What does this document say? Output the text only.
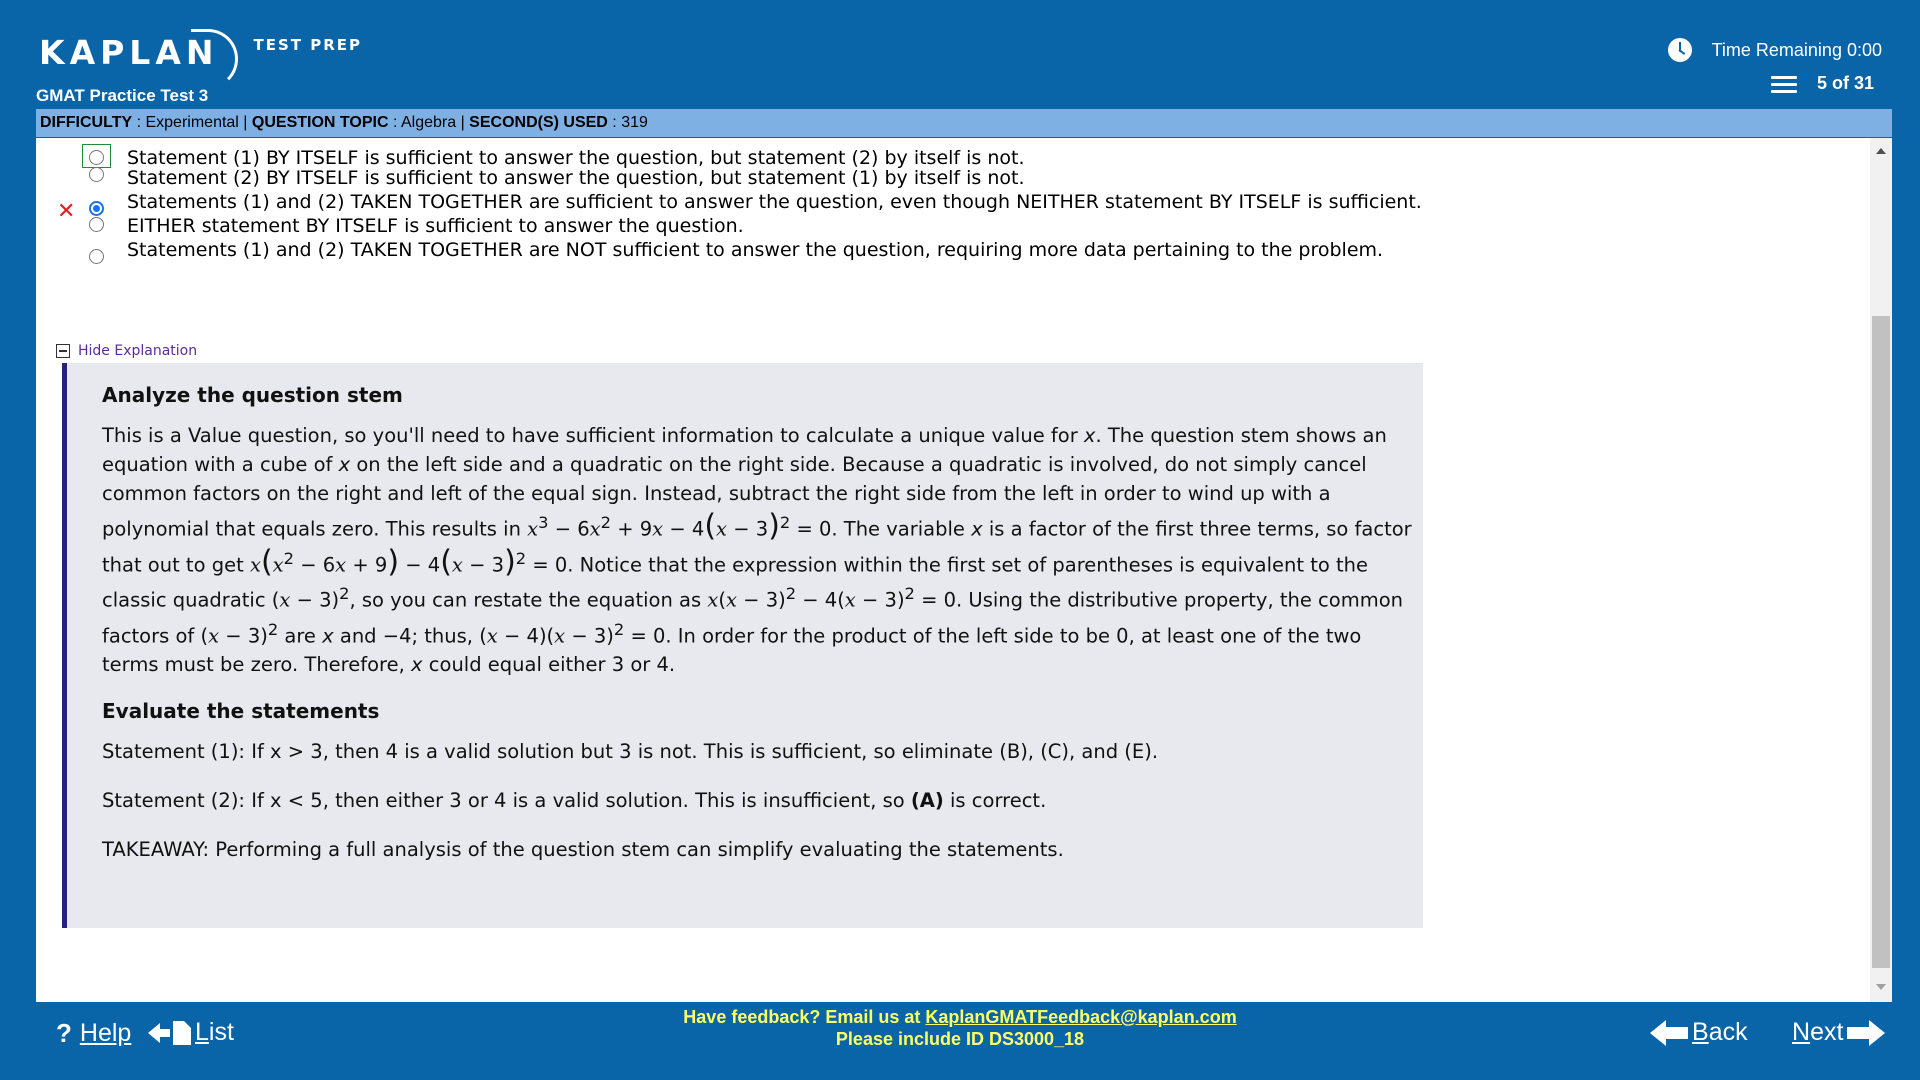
KAPLAN	TEST PREP
GMAT Practice Test 3
Time Remaining 0:00
5 of 31
DIFFICULTY : Experimental | QUESTION TOPIC : Algebra | SECOND(S) USED : 319
Statement (1) BY ITSELF is sufficient to answer the question, but statement (2) by itself is not.
Statement (2) BY ITSELF is sufficient to answer the question, but statement (1) by itself is not.
✕	Statements (1) and (2) TAKEN TOGETHER are sufficient to answer the question, even though NEITHER statement BY ITSELF is sufficient.
EITHER statement BY ITSELF is sufficient to answer the question.
Statements (1) and (2) TAKEN TOGETHER are NOT sufficient to answer the question, requiring more data pertaining to the problem.
Hide Explanation
Analyze the question stem

This is a Value question, so you'll need to have sufficient information to calculate a unique value for x. The question stem shows an equation with a cube of x on the left side and a quadratic on the right side. Because a quadratic is involved, do not simply cancel common factors on the right and left of the equal sign. Instead, subtract the right side from the left in order to wind up with a polynomial that equals zero. This results in $x^3 - 6x^2 + 9x - 4(x - 3)^2 = 0$. The variable x is a factor of the first three terms, so factor that out to get $x(x^2 - 6x + 9) - 4(x - 3)^2 = 0$. Notice that the expression within the first set of parentheses is equivalent to the classic quadratic $(x - 3)^2$, so you can restate the equation as $x(x - 3)^2 - 4(x - 3)^2 = 0$. Using the distributive property, the common factors of $(x - 3)^2$ are x and −4; thus, $(x - 4)(x - 3)^2 = 0$. In order for the product of the left side to be 0, at least one of the two terms must be zero. Therefore, x could equal either 3 or 4.

Evaluate the statements

Statement (1): If x > 3, then 4 is a valid solution but 3 is not. This is sufficient, so eliminate (B), (C), and (E).

Statement (2): If x < 5, then either 3 or 4 is a valid solution. This is insufficient, so (A) is correct.

TAKEAWAY: Performing a full analysis of the question stem can simplify evaluating the statements.

? Help	List
Have feedback? Email us at KaplanGMATFeedback@kaplan.com
Please include ID DS3000_18	Back Next
